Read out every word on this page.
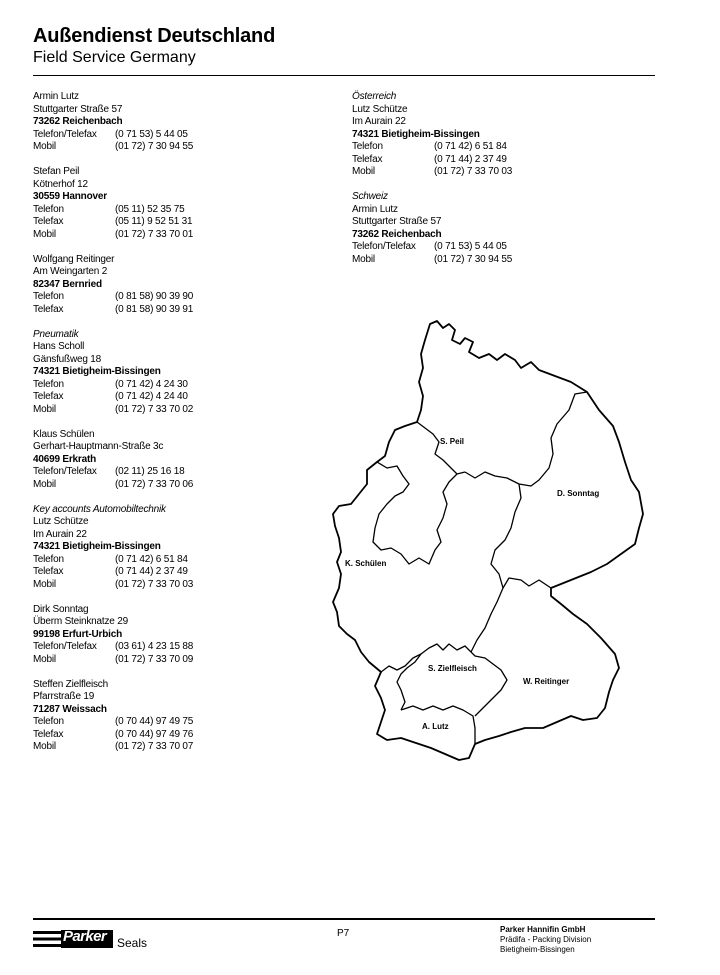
Außendienst Deutschland

Field Service Germany

Armin Lutz
Stuttgarter Straße 57
73262 Reichenbach
Telefon/Telefax (0 71 53) 5 44 05
Mobil	(01 72) 7 30 94 55
Stefan Peil
Kötnerhof 12
30559 Hannover
Telefon	(05 11) 52 35 75
Telefax	(05 11) 9 52 51 31
Mobil	(01 72) 7 33 70 01
Wolfgang Reitinger
Am Weingarten 2
82347 Bernried
Telefon	(0 81 58) 90 39 90
Telefax	(0 81 58) 90 39 91
Pneumatik
Hans Scholl
Gänsfußweg 18
74321 Bietigheim-Bissingen
Telefon	(0 71 42) 4 24 30
Telefax	(0 71 42) 4 24 40
Mobil	(01 72) 7 33 70 02
Klaus Schülen
Gerhart-Hauptmann-Straße 3c
40699 Erkrath
Telefon/Telefax (02 11) 25 16 18
Mobil	(01 72) 7 33 70 06
Key accounts Automobiltechnik
Lutz Schütze
Im Aurain 22
74321 Bietigheim-Bissingen
Telefon	(0 71 42) 6 51 84
Telefax	(0 71 44) 2 37 49
Mobil	(01 72) 7 33 70 03
Dirk Sonntag
Überm Steinknatze 29
99198 Erfurt-Urbich
Telefon/Telefax (03 61) 4 23 15 88
Mobil	(01 72) 7 33 70 09
Steffen Zielfleisch
Pfarrstraße 19
71287 Weissach
Telefon	(0 70 44) 97 49 75
Telefax	(0 70 44) 97 49 76
Mobil	(01 72) 7 33 70 07
Österreich
Lutz Schütze
Im Aurain 22
74321 Bietigheim-Bissingen
Telefon	(0 71 42) 6 51 84
Telefax	(0 71 44) 2 37 49
Mobil	(01 72) 7 33 70 03
Schweiz
Armin Lutz
Stuttgarter Straße 57
73262 Reichenbach
Telefon/Telefax (0 71 53) 5 44 05
Mobil	(01 72) 7 30 94 55
S. Peil
D. Sonntag
K. Schülen
S. Zielfleisch
W. Reitinger
A. Lutz
Parker Seals
P7	Parker Hannifin GmbH
Prädifa - Packing Division
Bietigheim-Bissingen
